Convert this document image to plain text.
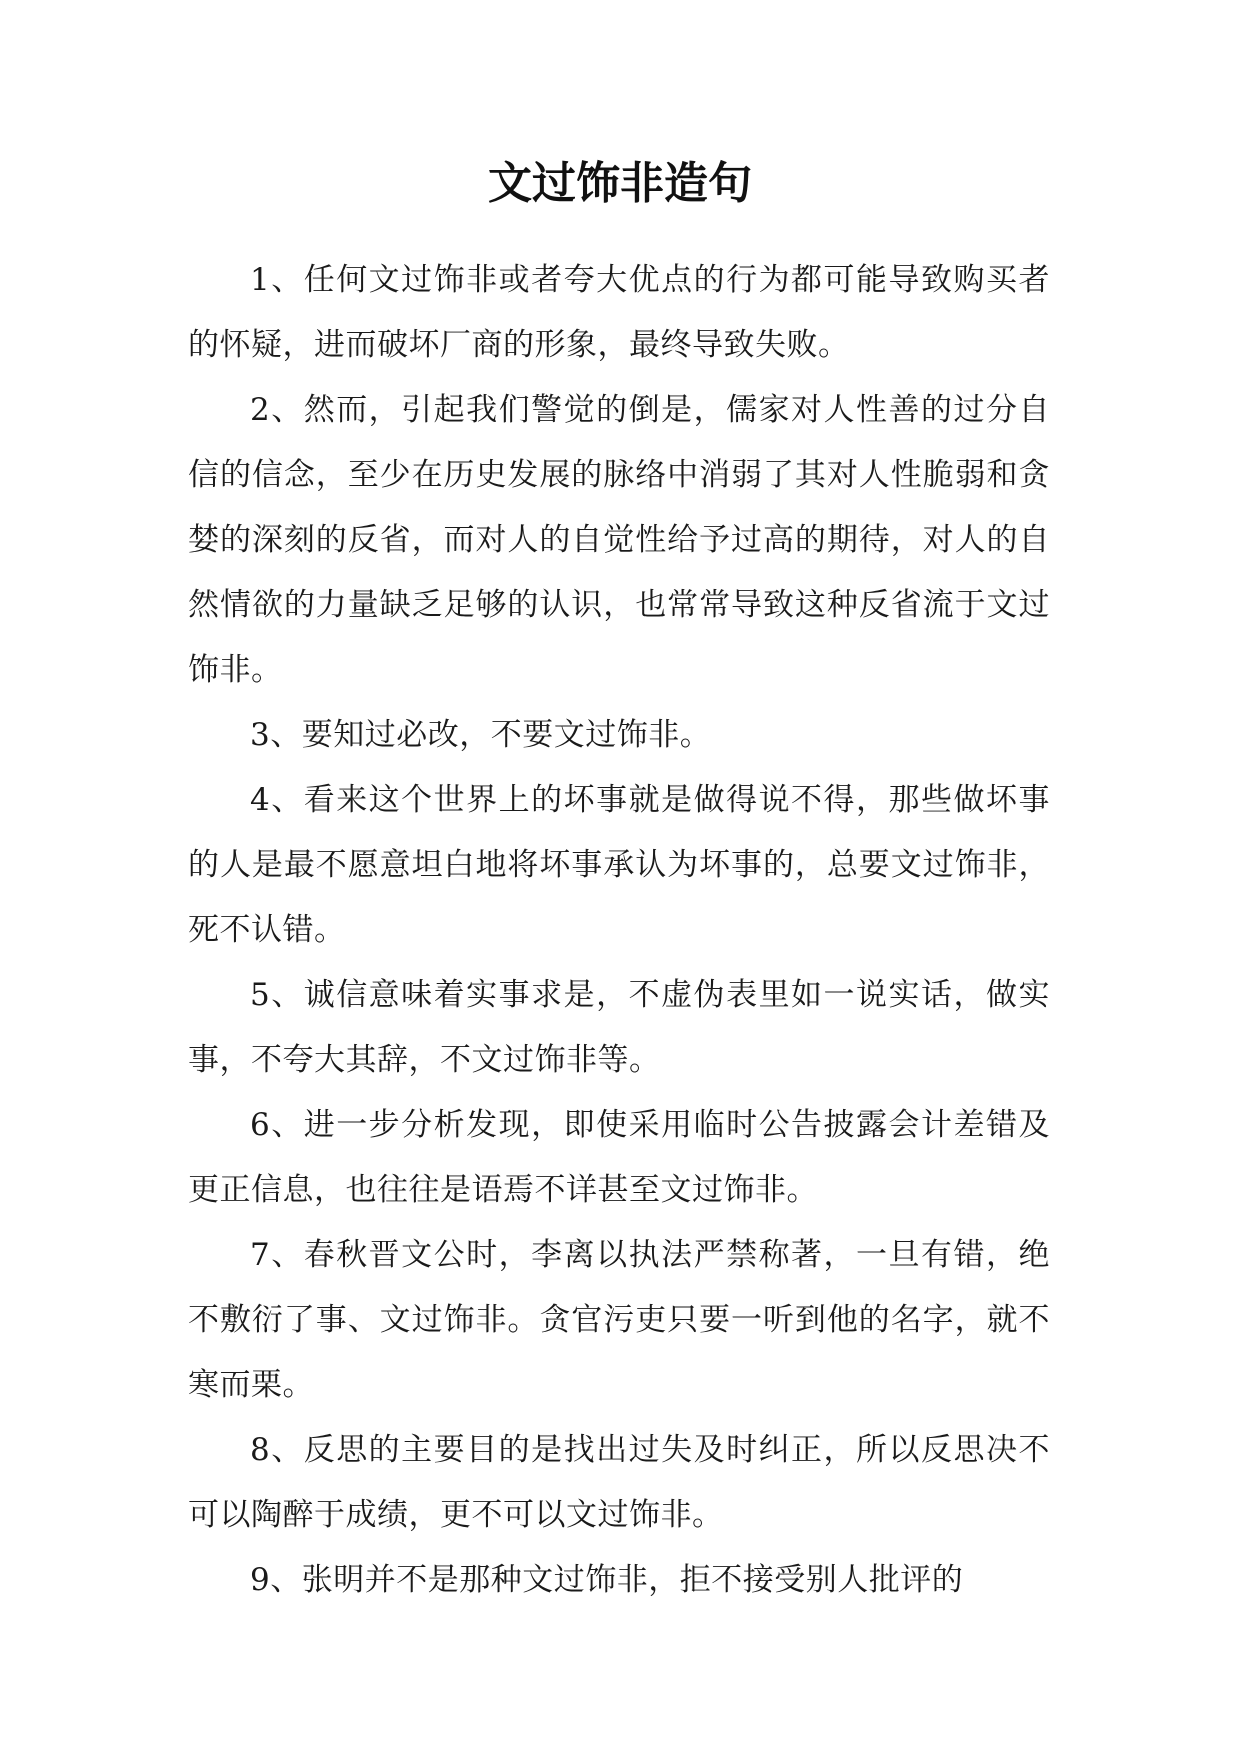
文过饰非造句

1、任何文过饰非或者夸大优点的行为都可能导致购买者的怀疑，进而破坏厂商的形象，最终导致失败。

2、然而，引起我们警觉的倒是，儒家对人性善的过分自信的信念，至少在历史发展的脉络中消弱了其对人性脆弱和贪婪的深刻的反省，而对人的自觉性给予过高的期待，对人的自然情欲的力量缺乏足够的认识，也常常导致这种反省流于文过饰非。

3、要知过必改，不要文过饰非。

4、看来这个世界上的坏事就是做得说不得，那些做坏事的人是最不愿意坦白地将坏事承认为坏事的，总要文过饰非，死不认错。

5、诚信意味着实事求是，不虚伪表里如一说实话，做实事，不夸大其辞，不文过饰非等。

6、进一步分析发现，即使采用临时公告披露会计差错及更正信息，也往往是语焉不详甚至文过饰非。

7、春秋晋文公时，李离以执法严禁称著，一旦有错，绝不敷衍了事、文过饰非。贪官污吏只要一听到他的名字，就不寒而栗。

8、反思的主要目的是找出过失及时纠正，所以反思决不可以陶醉于成绩，更不可以文过饰非。

9、张明并不是那种文过饰非，拒不接受别人批评的
